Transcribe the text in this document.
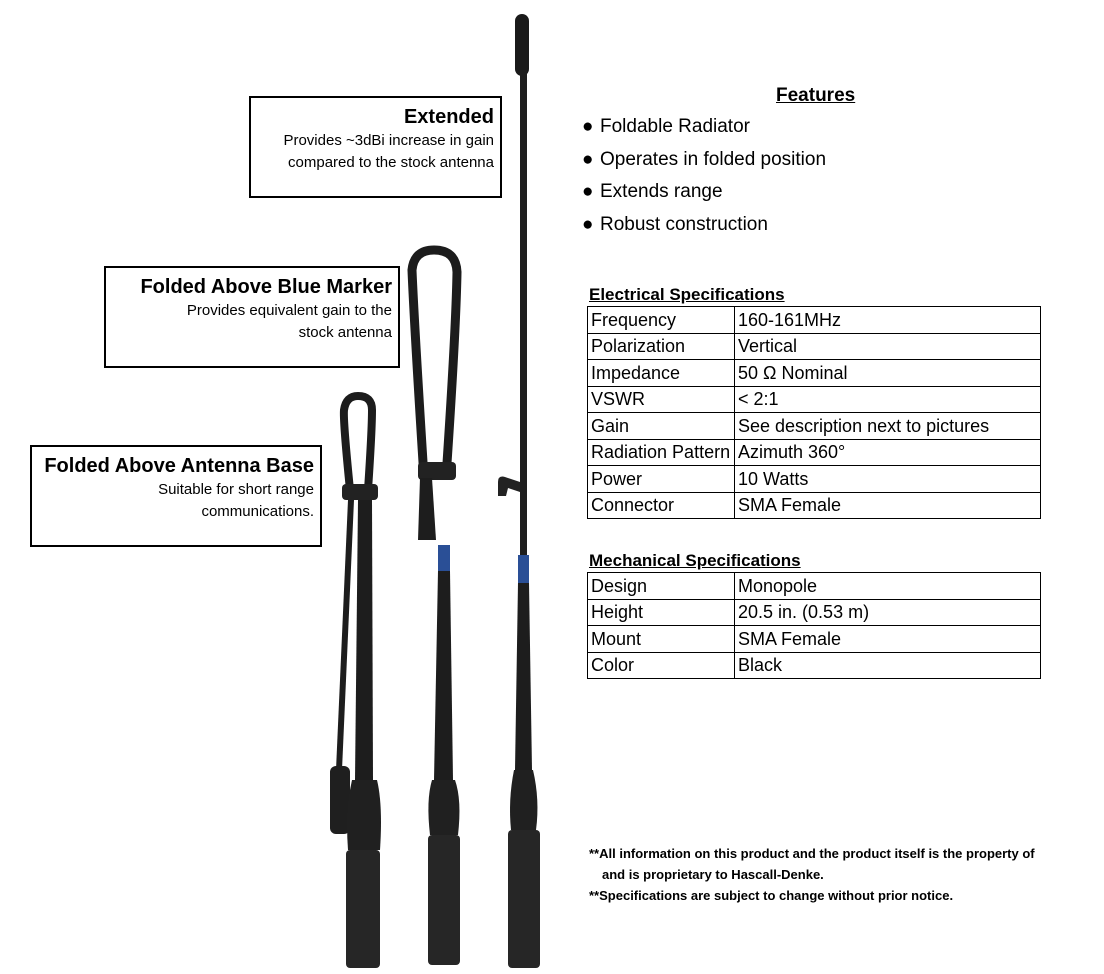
Extended
Provides ~3dBi increase in gain
compared to the stock antenna
Folded Above Blue Marker
Provides equivalent gain to the
stock antenna
Folded Above Antenna Base
Suitable for short range
communications.
Features
● Foldable Radiator
● Operates in folded position
● Extends range
● Robust construction
Electrical Specifications
Frequency	160-161MHz
Polarization	Vertical
Impedance	50 Ω Nominal
VSWR	< 2:1
Gain	See description next to pictures
Radiation Pattern	Azimuth 360°
Power	10 Watts
Connector	SMA Female
Mechanical Specifications
Design	Monopole
Height	20.5 in. (0.53 m)
Mount	SMA Female
Color	Black
**All information on this product and the product itself is the property of
and is proprietary to Hascall-Denke.
**Specifications are subject to change without prior notice.
